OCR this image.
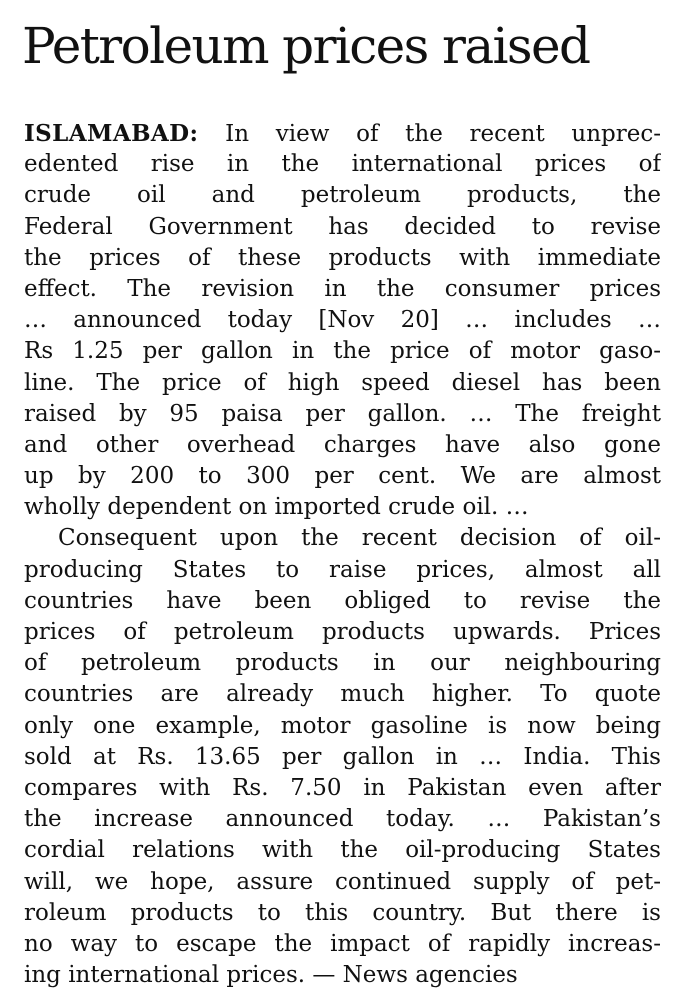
Petroleum prices raised
ISLAMABAD: In view of the recent unprec-
edented rise in the international prices of
crude oil and petroleum products, the
Federal Government has decided to revise
the prices of these products with immediate
effect. The revision in the consumer prices
… announced today [Nov 20] … includes …
Rs 1.25 per gallon in the price of motor gaso-
line. The price of high speed diesel has been
raised by 95 paisa per gallon. … The freight
and other overhead charges have also gone
up by 200 to 300 per cent. We are almost
wholly dependent on imported crude oil. …
Consequent upon the recent decision of oil-
producing States to raise prices, almost all
countries have been obliged to revise the
prices of petroleum products upwards. Prices
of petroleum products in our neighbouring
countries are already much higher. To quote
only one example, motor gasoline is now being
sold at Rs. 13.65 per gallon in … India. This
compares with Rs. 7.50 in Pakistan even after
the increase announced today. … Pakistan’s
cordial relations with the oil-producing States
will, we hope, assure continued supply of pet-
roleum products to this country. But there is
no way to escape the impact of rapidly increas-
ing international prices. — News agencies
